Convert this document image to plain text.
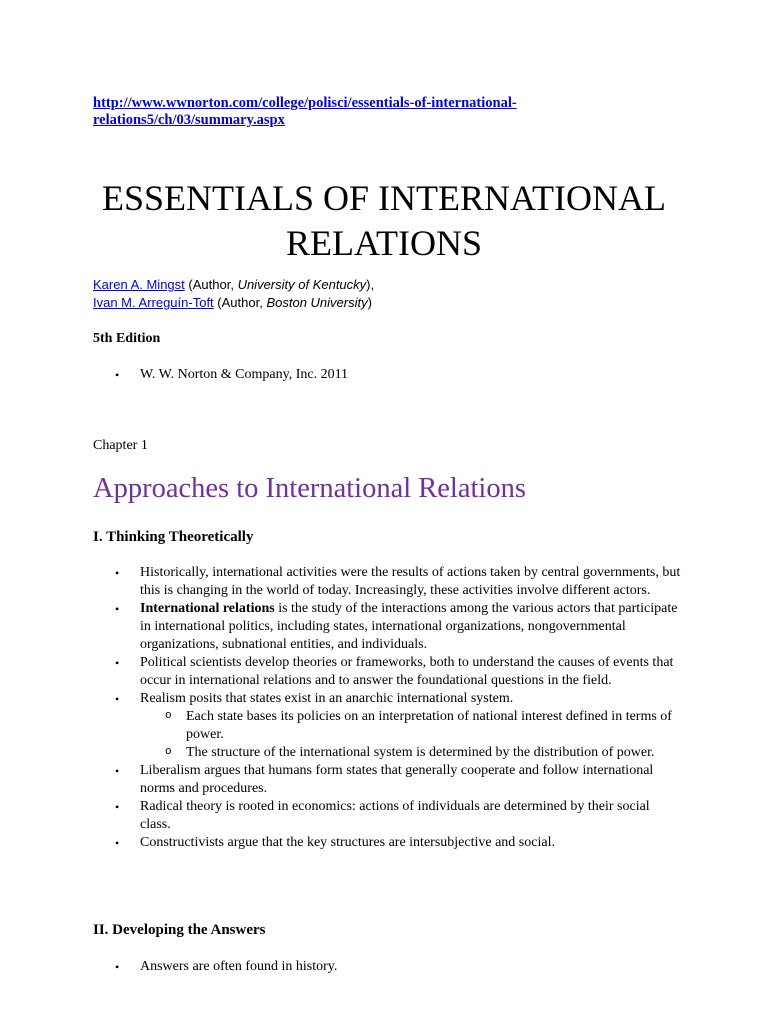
http://www.wwnorton.com/college/polisci/essentials-of-international-relations5/ch/03/summary.aspx
ESSENTIALS OF INTERNATIONAL RELATIONS
Karen A. Mingst (Author, University of Kentucky),
Ivan M. Arreguín-Toft (Author, Boston University)
5th Edition
• W. W. Norton & Company, Inc. 2011
Chapter 1
Approaches to International Relations
I. Thinking Theoretically
• Historically, international activities were the results of actions taken by central governments, but this is changing in the world of today. Increasingly, these activities involve different actors.
• International relations is the study of the interactions among the various actors that participate in international politics, including states, international organizations, nongovernmental organizations, subnational entities, and individuals.
• Political scientists develop theories or frameworks, both to understand the causes of events that occur in international relations and to answer the foundational questions in the field.
• Realism posits that states exist in an anarchic international system.
o Each state bases its policies on an interpretation of national interest defined in terms of power.
o The structure of the international system is determined by the distribution of power.
• Liberalism argues that humans form states that generally cooperate and follow international norms and procedures.
• Radical theory is rooted in economics: actions of individuals are determined by their social class.
• Constructivists argue that the key structures are intersubjective and social.
II. Developing the Answers
• Answers are often found in history.
